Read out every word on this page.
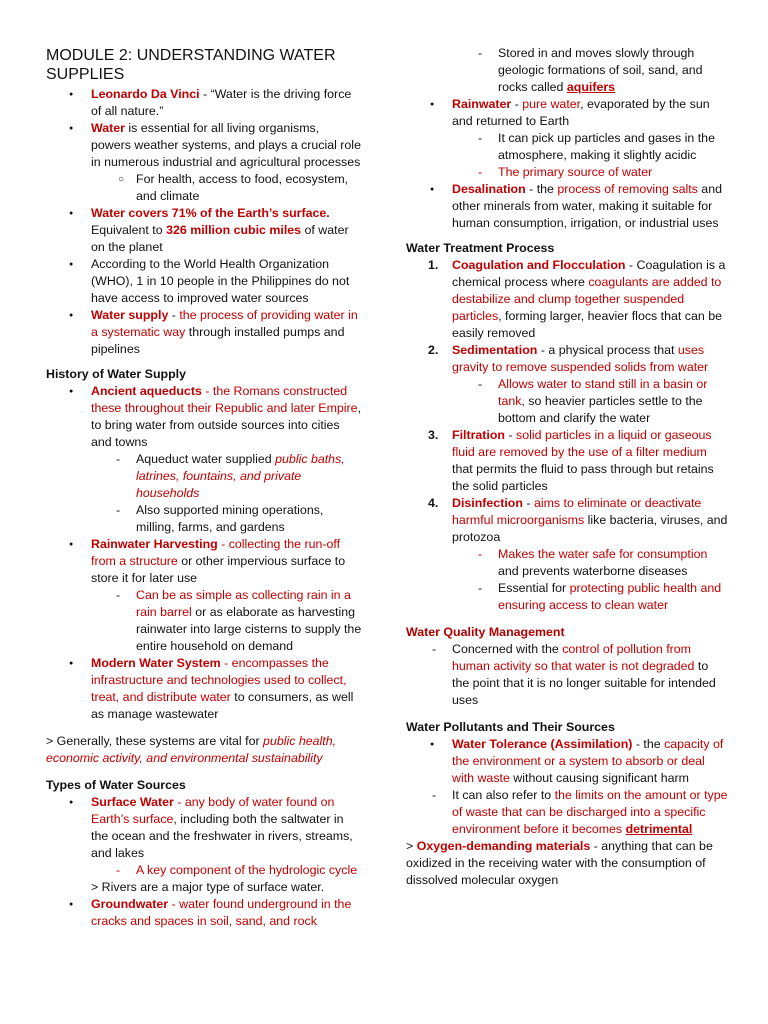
MODULE 2: UNDERSTANDING WATER SUPPLIES

● Leonardo Da Vinci - “Water is the driving force of all nature.”

● Water is essential for all living organisms, powers weather systems, and plays a crucial role in numerous industrial and agricultural processes

○ For health, access to food, ecosystem, and climate

● Water covers 71% of the Earth’s surface. Equivalent to 326 million cubic miles of water on the planet

● According to the World Health Organization (WHO), 1 in 10 people in the Philippines do not have access to improved water sources

● Water supply - the process of providing water in a systematic way through installed pumps and pipelines

History of Water Supply

● Ancient aqueducts - the Romans constructed these throughout their Republic and later Empire, to bring water from outside sources into cities and towns

- Aqueduct water supplied public baths, latrines, fountains, and private households

- Also supported mining operations, milling, farms, and gardens

● Rainwater Harvesting - collecting the run-off from a structure or other impervious surface to store it for later use

- Can be as simple as collecting rain in a rain barrel or as elaborate as harvesting rainwater into large cisterns to supply the entire household on demand

● Modern Water System - encompasses the infrastructure and technologies used to collect, treat, and distribute water to consumers, as well as manage wastewater

> Generally, these systems are vital for public health, economic activity, and environmental sustainability

Types of Water Sources

● Surface Water - any body of water found on Earth’s surface, including both the saltwater in the ocean and the freshwater in rivers, streams, and lakes

- A key component of the hydrologic cycle

> Rivers are a major type of surface water.

● Groundwater - water found underground in the cracks and spaces in soil, sand, and rock

- Stored in and moves slowly through geologic formations of soil, sand, and rocks called aquifers

● Rainwater - pure water, evaporated by the sun and returned to Earth

- It can pick up particles and gases in the atmosphere, making it slightly acidic

- The primary source of water

● Desalination - the process of removing salts and other minerals from water, making it suitable for human consumption, irrigation, or industrial uses

Water Treatment Process

1. Coagulation and Flocculation - Coagulation is a chemical process where coagulants are added to destabilize and clump together suspended particles, forming larger, heavier flocs that can be easily removed

2. Sedimentation - a physical process that uses gravity to remove suspended solids from water

- Allows water to stand still in a basin or tank, so heavier particles settle to the bottom and clarify the water

3. Filtration - solid particles in a liquid or gaseous fluid are removed by the use of a filter medium that permits the fluid to pass through but retains the solid particles

4. Disinfection - aims to eliminate or deactivate harmful microorganisms like bacteria, viruses, and protozoa

- Makes the water safe for consumption and prevents waterborne diseases

- Essential for protecting public health and ensuring access to clean water

Water Quality Management

- Concerned with the control of pollution from human activity so that water is not degraded to the point that it is no longer suitable for intended uses

Water Pollutants and Their Sources

● Water Tolerance (Assimilation) - the capacity of the environment or a system to absorb or deal with waste without causing significant harm

- It can also refer to the limits on the amount or type of waste that can be discharged into a specific environment before it becomes detrimental

> Oxygen-demanding materials - anything that can be oxidized in the receiving water with the consumption of dissolved molecular oxygen
